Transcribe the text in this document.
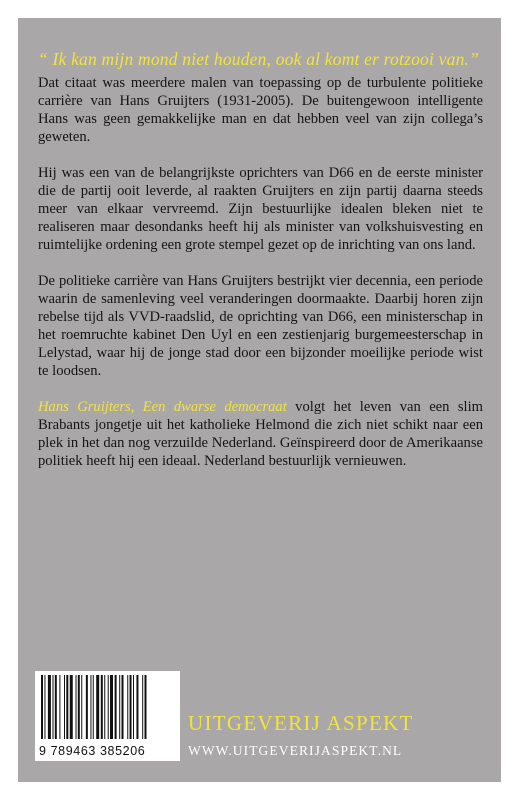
“ Ik kan mijn mond niet houden, ook al komt er rotzooi van.”

Dat citaat was meerdere malen van toepassing op de turbulente politieke carrière van Hans Gruijters (1931-2005). De buitengewoon intelligente Hans was geen gemakkelijke man en dat hebben veel van zijn collega’s geweten.

Hij was een van de belangrijkste oprichters van D66 en de eerste minister die de partij ooit leverde, al raakten Gruijters en zijn partij daarna steeds meer van elkaar vervreemd. Zijn bestuurlijke idealen bleken niet te realiseren maar desondanks heeft hij als minister van volkshuisvesting en ruimtelijke ordening een grote stempel gezet op de inrichting van ons land.

De politieke carrière van Hans Gruijters bestrijkt vier decennia, een periode waarin de samenleving veel veranderingen doormaakte. Daarbij horen zijn rebelse tijd als VVD-raadslid, de oprichting van D66, een ministerschap in het roemruchte kabinet Den Uyl en een zestienjarig burgemeesterschap in Lelystad, waar hij de jonge stad door een bijzonder moeilijke periode wist te loodsen.

Hans Gruijters, Een dwarse democraat volgt het leven van een slim Brabants jongetje uit het katholieke Helmond die zich niet schikt naar een plek in het dan nog verzuilde Nederland. Geïnspireerd door de Amerikaanse politiek heeft hij een ideaal. Nederland bestuurlijk vernieuwen.

9 789463 385206
UITGEVERIJ ASPEKT
WWW.UITGEVERIJASPEKT.NL
